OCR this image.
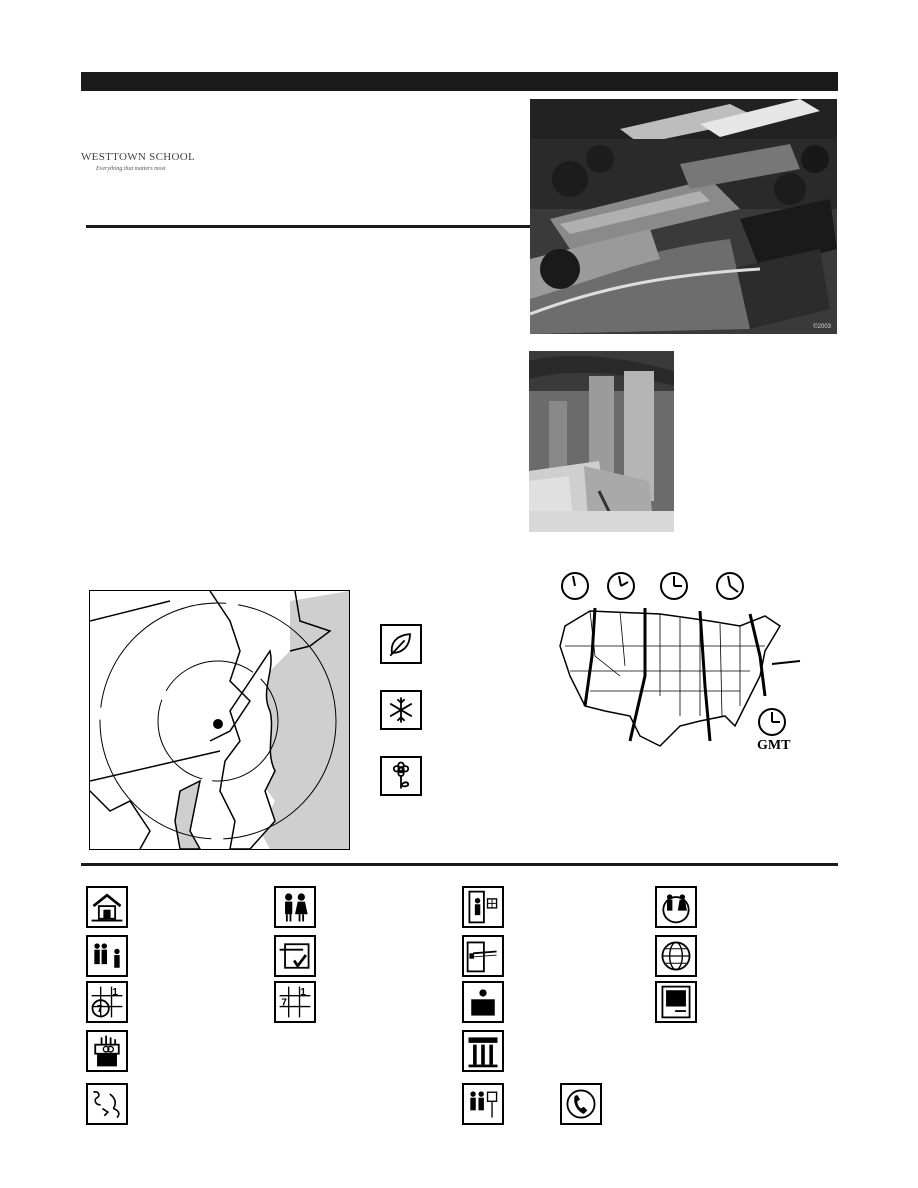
WESTTOWN SCHOOL
Everything that matters most
©2003
GMT
1
7
1
7
